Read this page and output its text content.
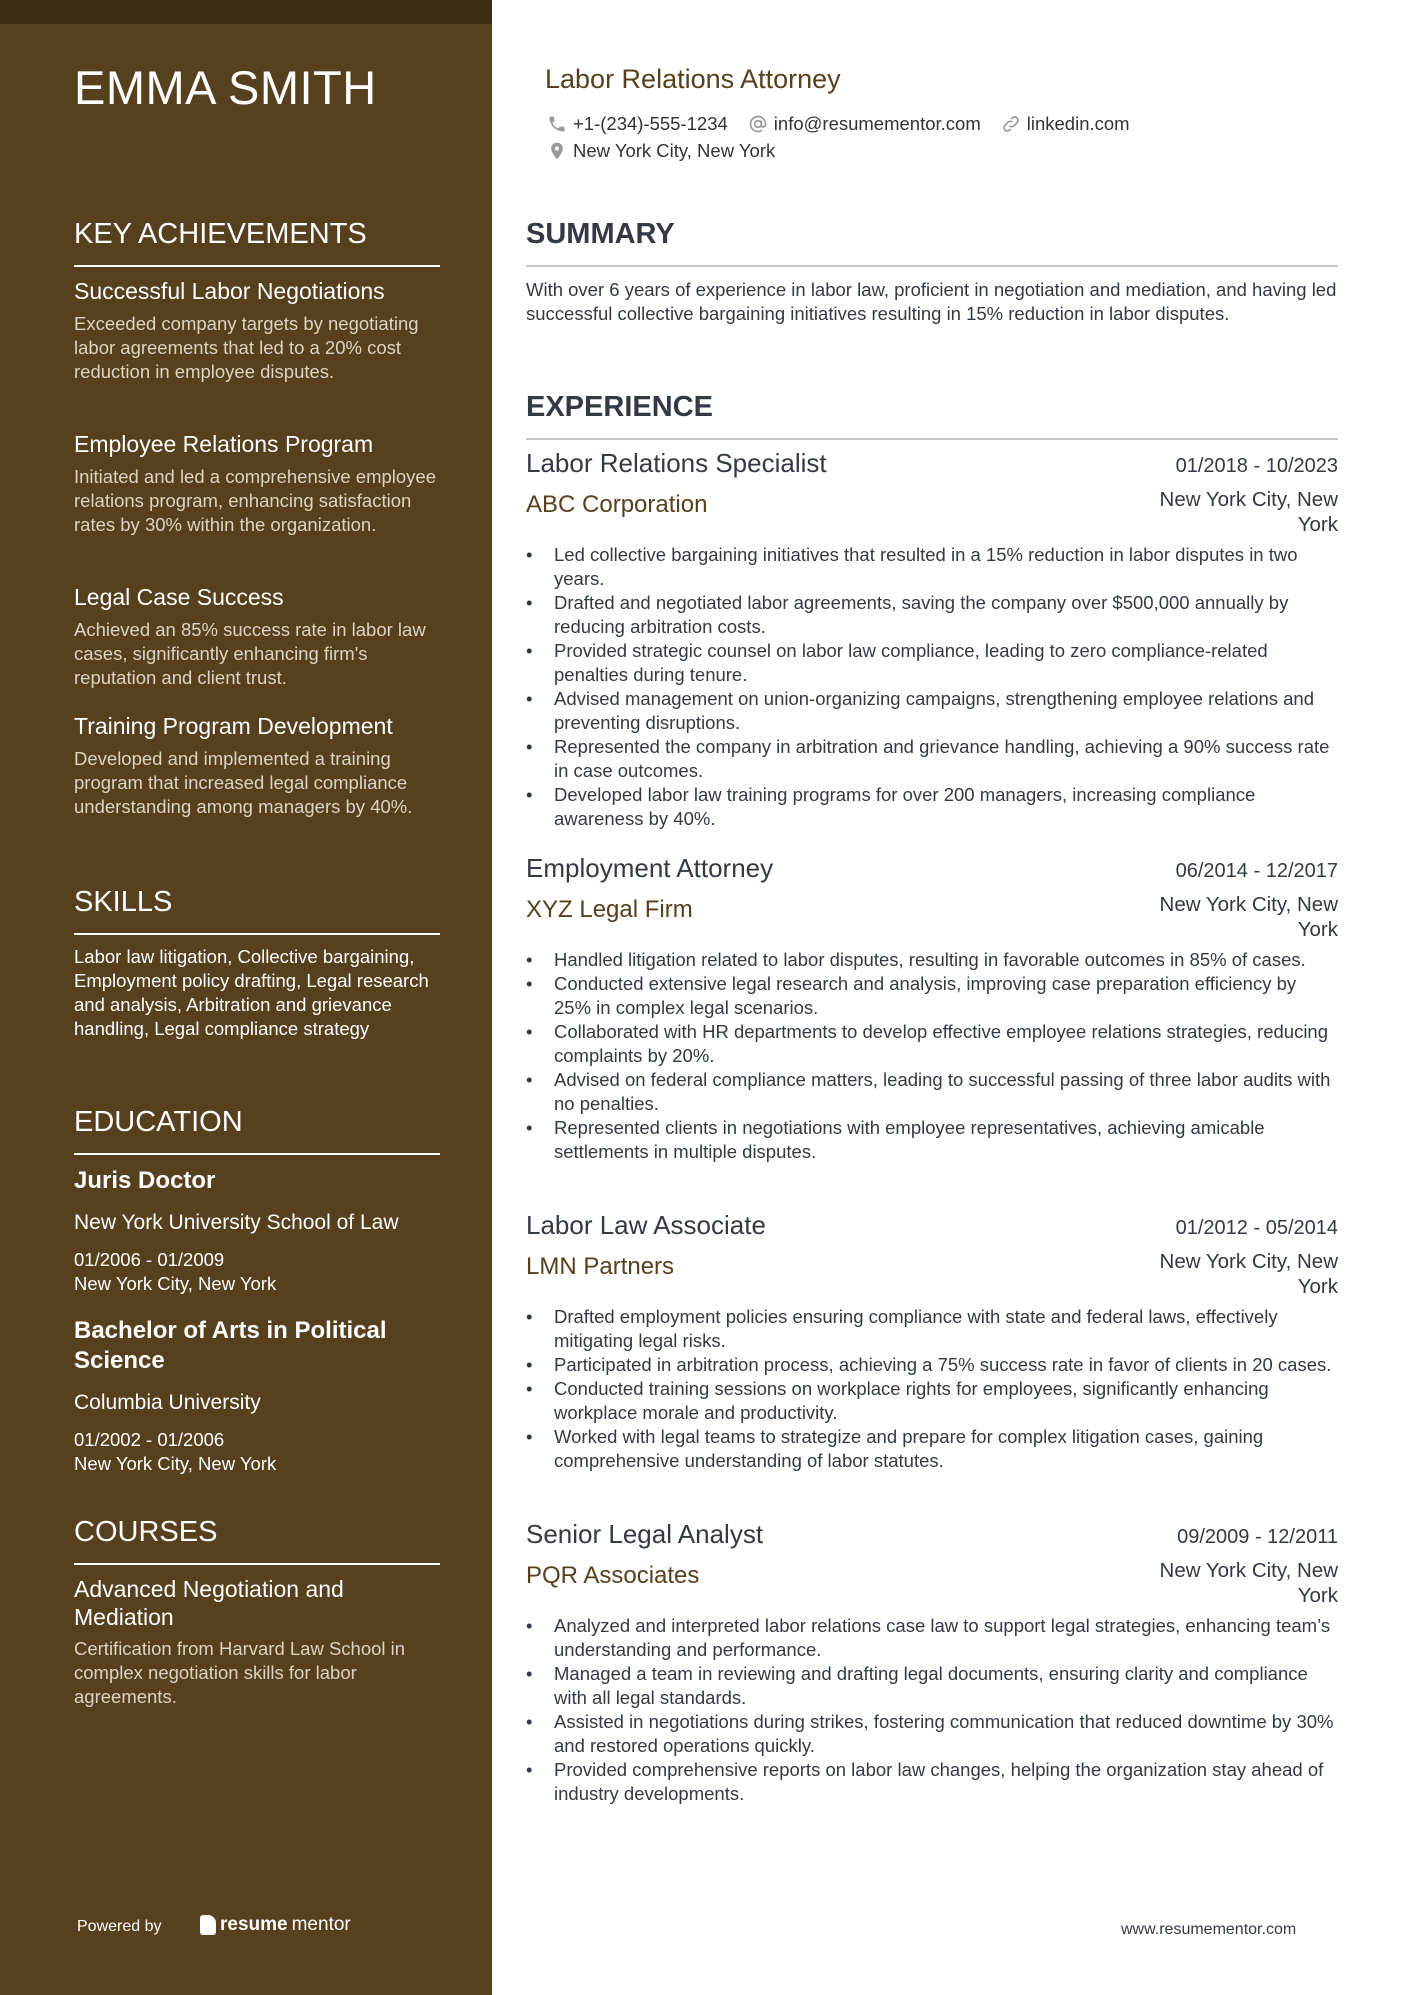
EMMA SMITH
KEY ACHIEVEMENTS
Successful Labor Negotiations
Exceeded company targets by negotiating labor agreements that led to a 20% cost reduction in employee disputes.
Employee Relations Program
Initiated and led a comprehensive employee relations program, enhancing satisfaction rates by 30% within the organization.
Legal Case Success
Achieved an 85% success rate in labor law cases, significantly enhancing firm's reputation and client trust.
Training Program Development
Developed and implemented a training program that increased legal compliance understanding among managers by 40%.
SKILLS
Labor law litigation, Collective bargaining, Employment policy drafting, Legal research and analysis, Arbitration and grievance handling, Legal compliance strategy
EDUCATION
Juris Doctor
New York University School of Law
01/2006 - 01/2009
New York City, New York
Bachelor of Arts in Political Science
Columbia University
01/2002 - 01/2006
New York City, New York
COURSES
Advanced Negotiation and Mediation
Certification from Harvard Law School in complex negotiation skills for labor agreements.
Powered by	resume mentor
Labor Relations Attorney
+1-(234)-555-1234 info@resumementor.com linkedin.com
New York City, New York
SUMMARY

With over 6 years of experience in labor law, proficient in negotiation and mediation, and having led successful collective bargaining initiatives resulting in 15% reduction in labor disputes.

EXPERIENCE
Labor Relations Specialist	01/2018 - 10/2023
ABC Corporation	New York City, New York
• Led collective bargaining initiatives that resulted in a 15% reduction in labor disputes in two years.
• Drafted and negotiated labor agreements, saving the company over $500,000 annually by reducing arbitration costs.
• Provided strategic counsel on labor law compliance, leading to zero compliance-related penalties during tenure.
• Advised management on union-organizing campaigns, strengthening employee relations and preventing disruptions.
• Represented the company in arbitration and grievance handling, achieving a 90% success rate in case outcomes.
• Developed labor law training programs for over 200 managers, increasing compliance awareness by 40%.
Employment Attorney	06/2014 - 12/2017
XYZ Legal Firm	New York City, New York
• Handled litigation related to labor disputes, resulting in favorable outcomes in 85% of cases.
• Conducted extensive legal research and analysis, improving case preparation efficiency by 25% in complex legal scenarios.
• Collaborated with HR departments to develop effective employee relations strategies, reducing complaints by 20%.
• Advised on federal compliance matters, leading to successful passing of three labor audits with no penalties.
• Represented clients in negotiations with employee representatives, achieving amicable settlements in multiple disputes.
Labor Law Associate	01/2012 - 05/2014
LMN Partners	New York City, New York
• Drafted employment policies ensuring compliance with state and federal laws, effectively mitigating legal risks.
• Participated in arbitration process, achieving a 75% success rate in favor of clients in 20 cases.
• Conducted training sessions on workplace rights for employees, significantly enhancing workplace morale and productivity.
• Worked with legal teams to strategize and prepare for complex litigation cases, gaining comprehensive understanding of labor statutes.
Senior Legal Analyst	09/2009 - 12/2011
PQR Associates	New York City, New York
• Analyzed and interpreted labor relations case law to support legal strategies, enhancing team’s understanding and performance.
• Managed a team in reviewing and drafting legal documents, ensuring clarity and compliance with all legal standards.
• Assisted in negotiations during strikes, fostering communication that reduced downtime by 30% and restored operations quickly.
• Provided comprehensive reports on labor law changes, helping the organization stay ahead of industry developments.
www.resumementor.com
